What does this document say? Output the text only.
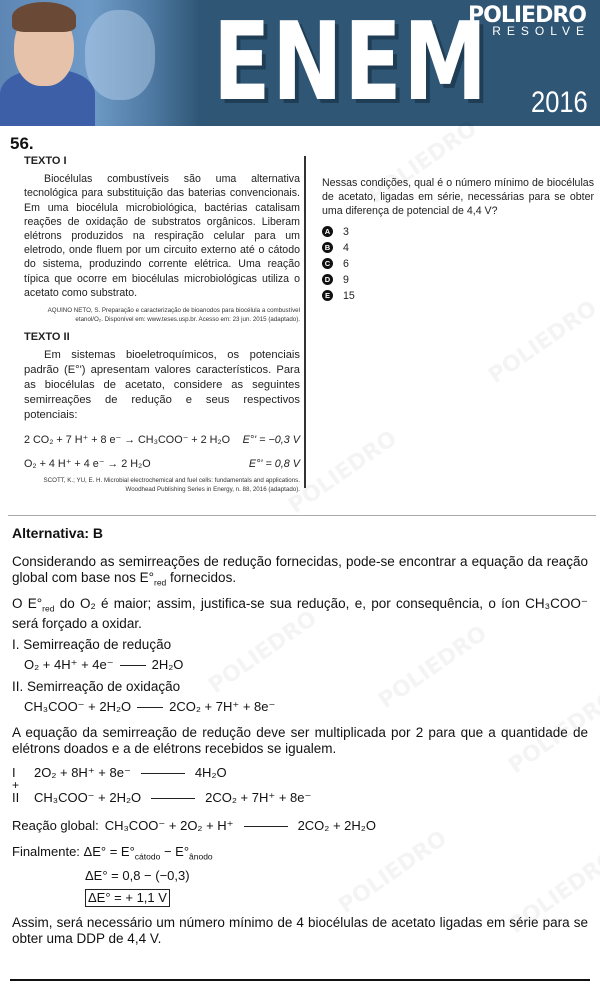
ENEM
POLIEDRO
RESOLVE
2016
56.
TEXTO I

Biocélulas combustíveis são uma alternativa tecnológica para substituição das baterias convencionais. Em uma biocélula microbiológica, bactérias catalisam reações de oxidação de substratos orgânicos. Liberam elétrons produzidos na respiração celular para um eletrodo, onde fluem por um circuito externo até o cátodo do sistema, produzindo corrente elétrica. Uma reação típica que ocorre em biocélulas microbiológicas utiliza o acetato como substrato.

AQUINO NETO, S. Preparação e caracterização de bioanodos para biocélula a combustível etanol/O₂. Disponível em: www.teses.usp.br. Acesso em: 23 jun. 2015 (adaptado).
TEXTO II

Em sistemas bioeletroquímicos, os potenciais padrão (E°') apresentam valores característicos. Para as biocélulas de acetato, considere as seguintes semirreações de redução e seus respectivos potenciais:

2 CO₂ + 7 H⁺ + 8 e⁻ → CH₃COO⁻ + 2 H₂O E°' = −0,3 V
O₂ + 4 H⁺ + 4 e⁻ → 2 H₂O	E°' = 0,8 V
SCOTT, K.; YU, E. H. Microbial electrochemical and fuel cells: fundamentals and applications. Woodhead Publishing Series in Energy, n. 88, 2016 (adaptado).

Nessas condições, qual é o número mínimo de biocélulas de acetato, ligadas em série, necessárias para se obter uma diferença de potencial de 4,4 V?

A 3
B 4
C 6
D 9
E 15
Alternativa: B

Considerando as semirreações de redução fornecidas, pode-se encontrar a equação da reação global com base nos $E^\circ_{red}$ fornecidos.

O $E^\circ_{red}$ do O₂ é maior; assim, justifica-se sua redução, e, por consequência, o íon CH₃COO⁻ será forçado a oxidar.

I. Semirreação de redução
O₂ + 4H⁺ + 4e⁻	2H₂O
II. Semirreação de oxidação
CH₃COO⁻ + 2H₂O	2CO₂ + 7H⁺ + 8e⁻

A equação da semirreação de redução deve ser multiplicada por 2 para que a quantidade de elétrons doados e a de elétrons recebidos se igualem.

I	2O₂ + 8H⁺ + 8e⁻	4H₂O
+
II	CH₃COO⁻ + 2H₂O	2CO₂ + 7H⁺ + 8e⁻
Reação global: CH₃COO⁻ + 2O₂ + H⁺	2CO₂ + 2H₂O
Finalmente: $\Delta E^\circ = E^\circ_{cátodo} - E^\circ_{ânodo}$
ΔE° = 0,8 − (−0,3)
ΔE° = + 1,1 V

Assim, será necessário um número mínimo de 4 biocélulas de acetato ligadas em série para se obter uma DDP de 4,4 V.
